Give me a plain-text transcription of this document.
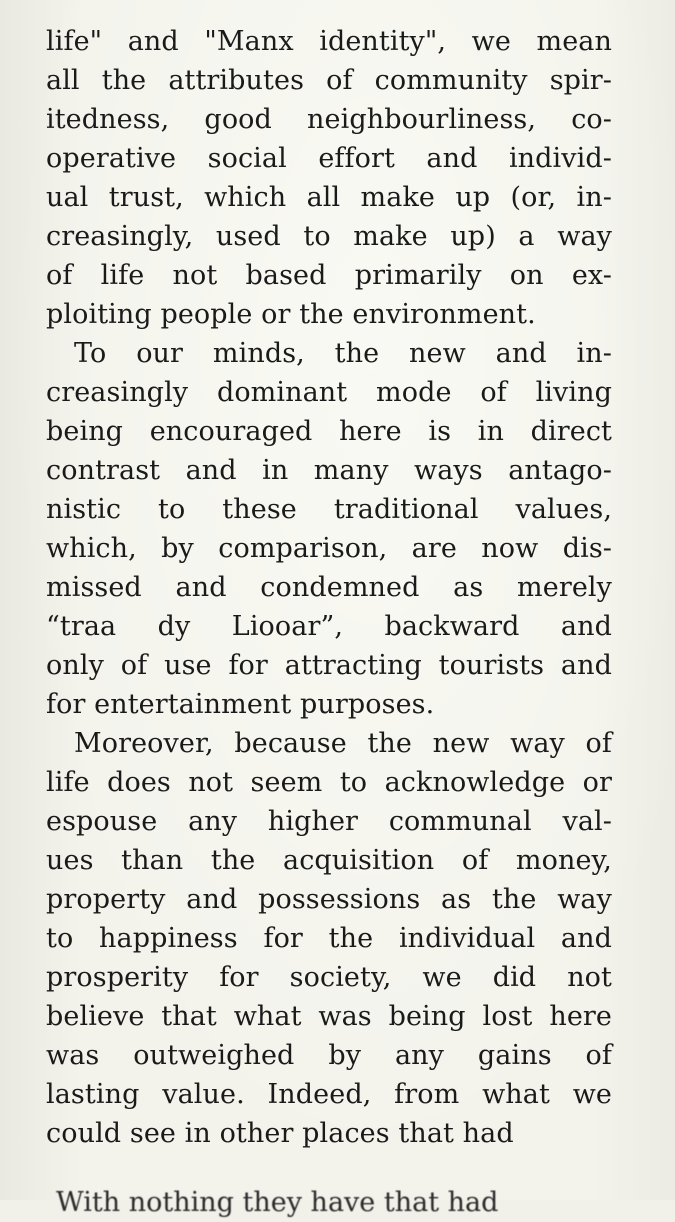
life" and "Manx identity", we mean
all the attributes of community spir-
itedness, good neighbourliness, co-
operative social effort and individ-
ual trust, which all make up (or, in-
creasingly, used to make up) a way
of life not based primarily on ex-
ploiting people or the environment.
To our minds, the new and in-
creasingly dominant mode of living
being encouraged here is in direct
contrast and in many ways antago-
nistic to these traditional values,
which, by comparison, are now dis-
missed and condemned as merely
“traa dy Liooar”, backward and
only of use for attracting tourists and
for entertainment purposes.
Moreover, because the new way of
life does not seem to acknowledge or
espouse any higher communal val-
ues than the acquisition of money,
property and possessions as the way
to happiness for the individual and
prosperity for society, we did not
believe that what was being lost here
was outweighed by any gains of
lasting value. Indeed, from what we
could see in other places that had
With nothing they have that had
